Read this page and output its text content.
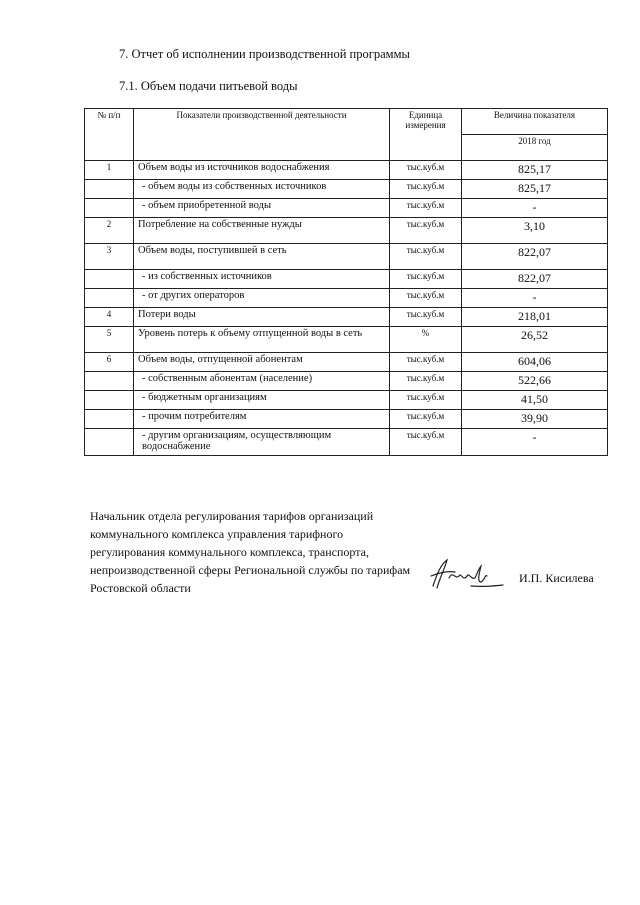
7. Отчет об исполнении производственной программы
7.1. Объем подачи питьевой воды
№ п/п	Показатели производственной деятельности	Единица измерения	Величина показателя
			2018 год
1	Объем воды из источников водоснабжения	тыс.куб.м	825,17
	- объем воды из собственных источников	тыс.куб.м	825,17
	- объем приобретенной воды	тыс.куб.м	-
2	Потребление на собственные нужды	тыс.куб.м	3,10
3	Объем воды, поступившей в сеть	тыс.куб.м	822,07
	- из собственных источников	тыс.куб.м	822,07
	- от других операторов	тыс.куб.м	-
4	Потери воды	тыс.куб.м	218,01
5	Уровень потерь к объему отпущенной воды в сеть	%	26,52
6	Объем воды, отпущенной абонентам	тыс.куб.м	604,06
	- собственным абонентам (население)	тыс.куб.м	522,66
	- бюджетным организациям	тыс.куб.м	41,50
	- прочим потребителям	тыс.куб.м	39,90
	- другим организациям, осуществляющим водоснабжение	тыс.куб.м	-
Начальник отдела регулирования тарифов организаций коммунального комплекса управления тарифного регулирования коммунального комплекса, транспорта, непроизводственной сферы Региональной службы по тарифам Ростовской области
И.П. Кисилева
